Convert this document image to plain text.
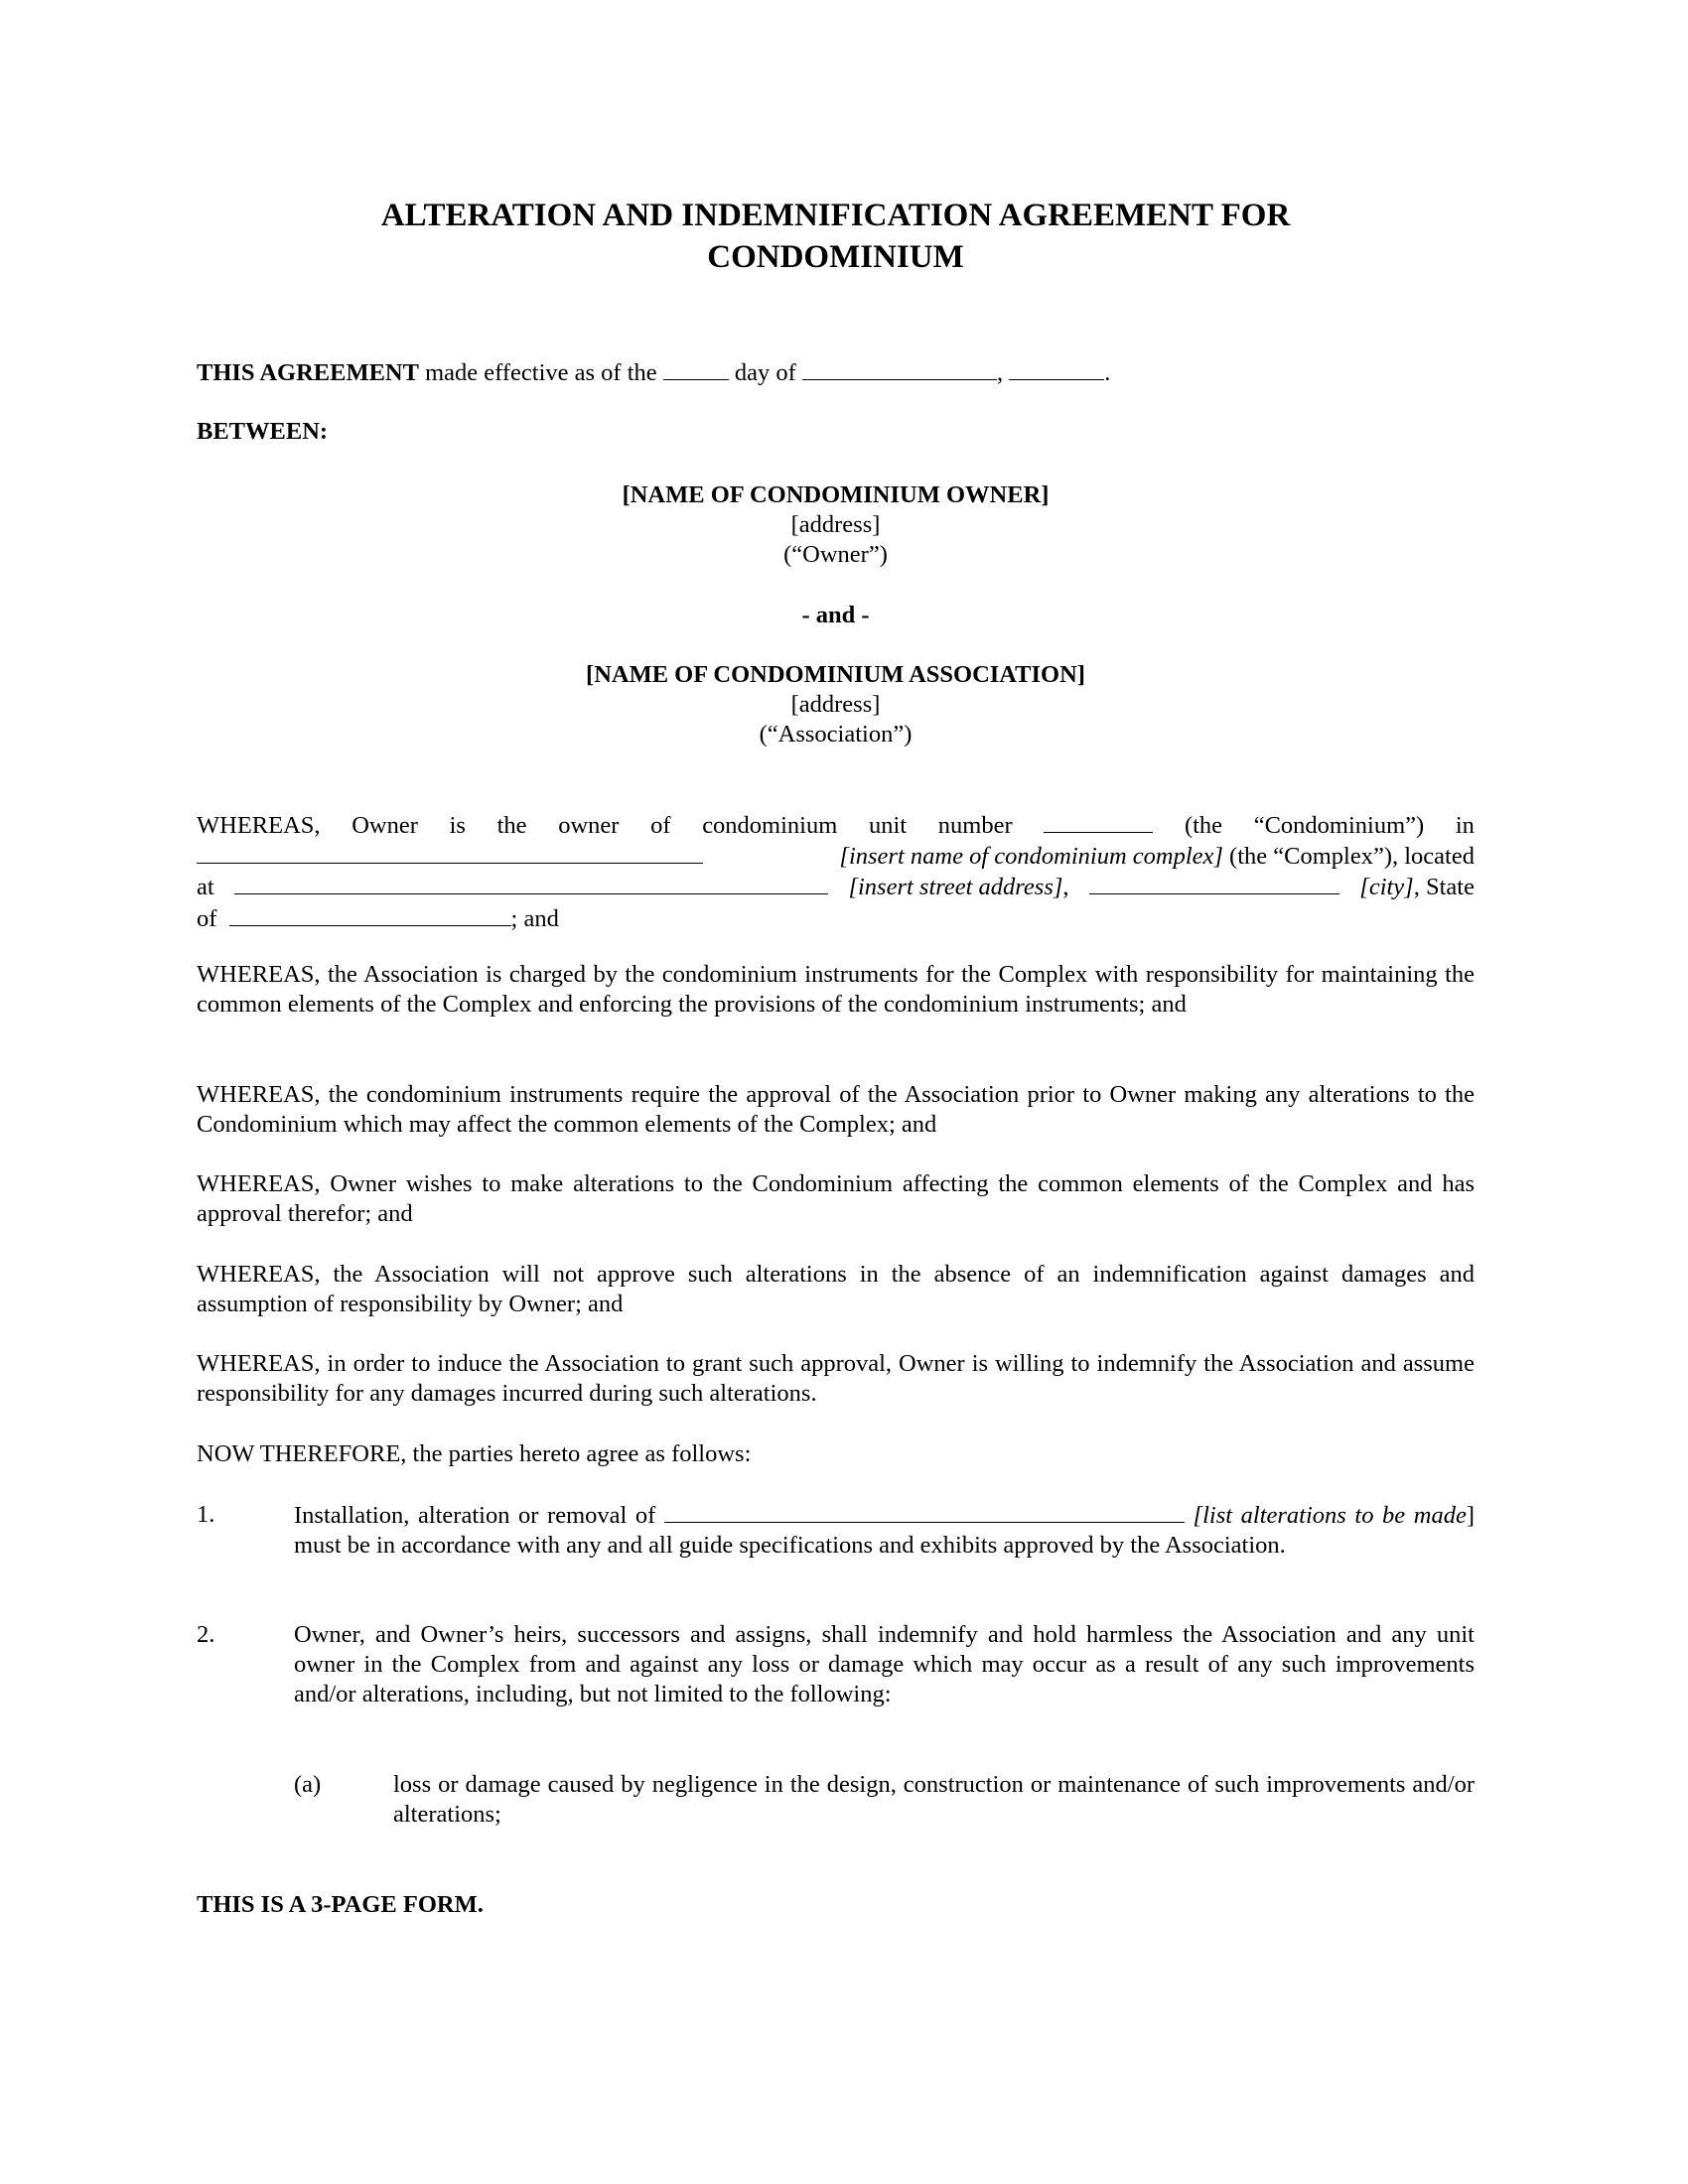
ALTERATION AND INDEMNIFICATION AGREEMENT FOR
CONDOMINIUM
THIS AGREEMENT made effective as of the	day of	,	.
BETWEEN:
[NAME OF CONDOMINIUM OWNER]
[address]
(“Owner”)
- and -
[NAME OF CONDOMINIUM ASSOCIATION]
[address]
(“Association”)
WHEREAS, Owner is the owner of condominium unit number	(the “Condominium”) in
[insert name of condominium complex] (the “Complex”), located
at	[insert street address],	[city], State
of	; and
WHEREAS, the Association is charged by the condominium instruments for the Complex with responsibility for maintaining the common elements of the Complex and enforcing the provisions of the condominium instruments; and
WHEREAS, the condominium instruments require the approval of the Association prior to Owner making any alterations to the Condominium which may affect the common elements of the Complex; and
WHEREAS, Owner wishes to make alterations to the Condominium affecting the common elements of the Complex and has approval therefor; and
WHEREAS, the Association will not approve such alterations in the absence of an indemnification against damages and assumption of responsibility by Owner; and
WHEREAS, in order to induce the Association to grant such approval, Owner is willing to indemnify the Association and assume responsibility for any damages incurred during such alterations.
NOW THEREFORE, the parties hereto agree as follows:
1.	Installation, alteration or removal of	[list alterations to be made] must be in accordance with any and all guide specifications and exhibits approved by the Association.
2.	Owner, and Owner’s heirs, successors and assigns, shall indemnify and hold harmless the Association and any unit owner in the Complex from and against any loss or damage which may occur as a result of any such improvements and/or alterations, including, but not limited to the following:
(a)	loss or damage caused by negligence in the design, construction or maintenance of such improvements and/or alterations;
THIS IS A 3-PAGE FORM.
